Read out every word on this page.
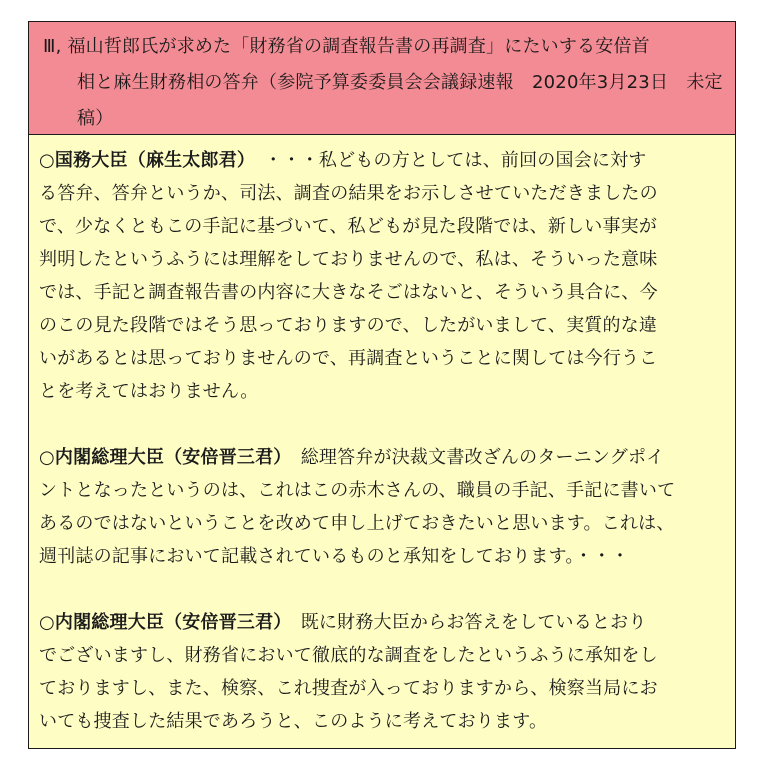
Ⅲ, 福山哲郎氏が求めた「財務省の調査報告書の再調査」にたいする安倍首
相と麻生財務相の答弁（参院予算委委員会会議録速報　2020年3月23日　未定
稿）
○国務大臣（麻生太郎君）　・・・私どもの方としては、前回の国会に対す
る答弁、答弁というか、司法、調査の結果をお示しさせていただきましたの
で、少なくともこの手記に基づいて、私どもが見た段階では、新しい事実が
判明したというふうには理解をしておりませんので、私は、そういった意味
では、手記と調査報告書の内容に大きなそごはないと、そういう具合に、今
のこの見た段階ではそう思っておりますので、したがいまして、実質的な違
いがあるとは思っておりませんので、再調査ということに関しては今行うこ
とを考えてはおりません。
○内閣総理大臣（安倍晋三君）　総理答弁が決裁文書改ざんのターニングポイ
ントとなったというのは、これはこの赤木さんの、職員の手記、手記に書いて
あるのではないということを改めて申し上げておきたいと思います。これは、
週刊誌の記事において記載されているものと承知をしております。・・・
○内閣総理大臣（安倍晋三君）　既に財務大臣からお答えをしているとおり
でございますし、財務省において徹底的な調査をしたというふうに承知をし
ておりますし、また、検察、これ捜査が入っておりますから、検察当局にお
いても捜査した結果であろうと、このように考えております。
